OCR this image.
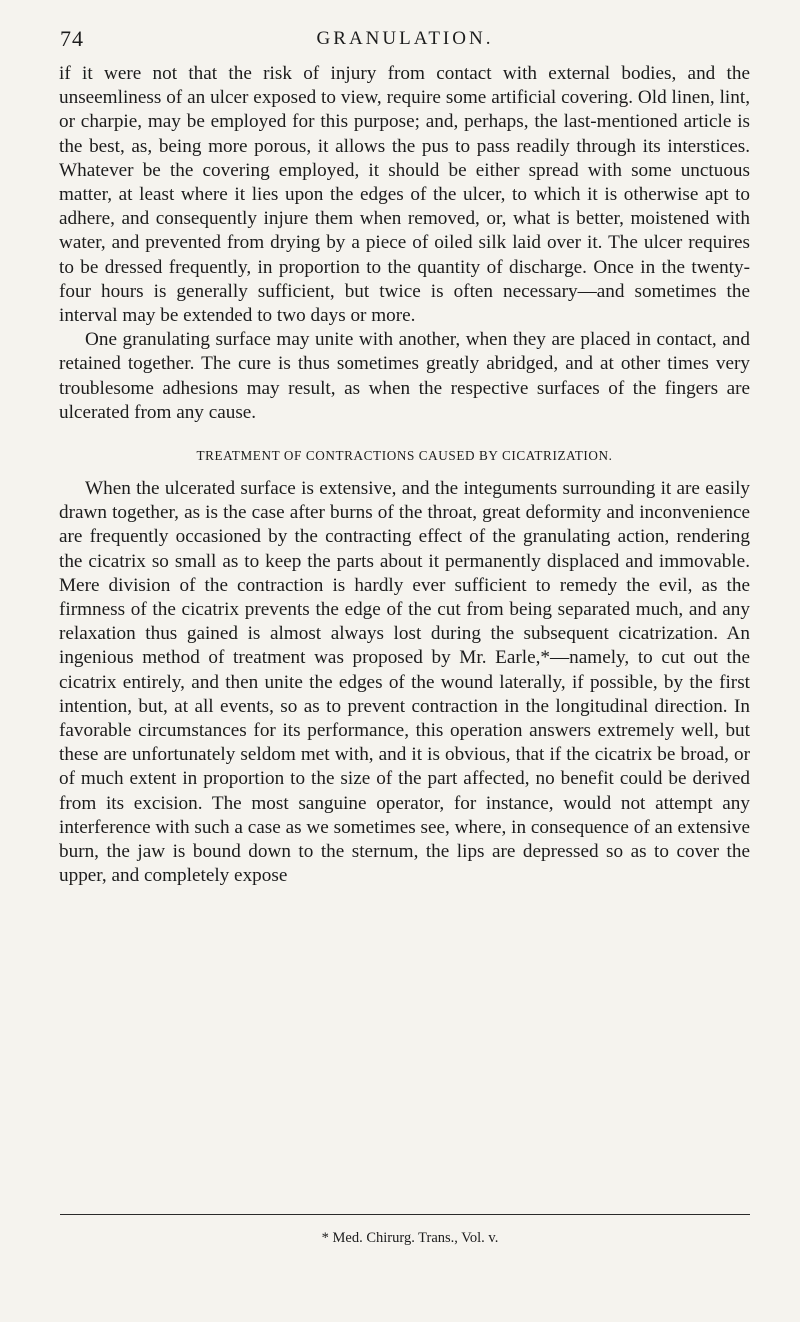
74	GRANULATION.

if it were not that the risk of injury from contact with external bodies, and the unseemliness of an ulcer exposed to view, require some artificial covering. Old linen, lint, or charpie, may be employed for this purpose; and, perhaps, the last-mentioned article is the best, as, being more porous, it allows the pus to pass readily through its interstices. Whatever be the covering employed, it should be either spread with some unctuous matter, at least where it lies upon the edges of the ulcer, to which it is otherwise apt to adhere, and consequently injure them when removed, or, what is better, moistened with water, and prevented from drying by a piece of oiled silk laid over it. The ulcer requires to be dressed frequently, in proportion to the quantity of discharge. Once in the twenty-four hours is generally sufficient, but twice is often necessary—and sometimes the interval may be extended to two days or more.

One granulating surface may unite with another, when they are placed in contact, and retained together. The cure is thus sometimes greatly abridged, and at other times very troublesome adhesions may result, as when the respective surfaces of the fingers are ulcerated from any cause.

TREATMENT OF CONTRACTIONS CAUSED BY CICATRIZATION.

When the ulcerated surface is extensive, and the integuments surrounding it are easily drawn together, as is the case after burns of the throat, great deformity and inconvenience are frequently occasioned by the contracting effect of the granulating action, rendering the cicatrix so small as to keep the parts about it permanently displaced and immovable. Mere division of the contraction is hardly ever sufficient to remedy the evil, as the firmness of the cicatrix prevents the edge of the cut from being separated much, and any relaxation thus gained is almost always lost during the subsequent cicatrization. An ingenious method of treatment was proposed by Mr. Earle,*—namely, to cut out the cicatrix entirely, and then unite the edges of the wound laterally, if possible, by the first intention, but, at all events, so as to prevent contraction in the longitudinal direction. In favorable circumstances for its performance, this operation answers extremely well, but these are unfortunately seldom met with, and it is obvious, that if the cicatrix be broad, or of much extent in proportion to the size of the part affected, no benefit could be derived from its excision. The most sanguine operator, for instance, would not attempt any interference with such a case as we sometimes see, where, in consequence of an extensive burn, the jaw is bound down to the sternum, the lips are depressed so as to cover the upper, and completely expose

* Med. Chirurg. Trans., Vol. v.
